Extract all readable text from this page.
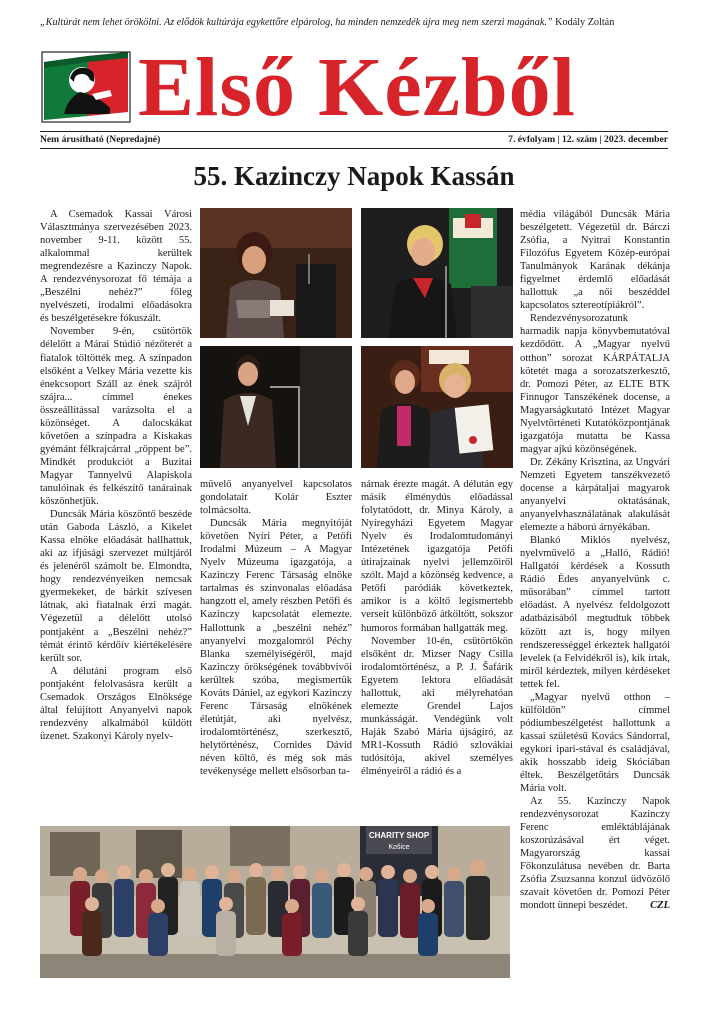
„Kultúrát nem lehet örökölni. Az elődök kultúrája egykettőre elpárolog, ha minden nemzedék újra meg nem szerzi magának.” Kodály Zoltán
Első Kézből
Nem árusítható (Nepredajné)	7. évfolyam | 12. szám | 2023. december
55. Kazinczy Napok Kassán

A Csemadok Kassai Városi Választmánya szervezésében 2023. november 9-11. között 55. alkalommal kerültek megrendezésre a Kazinczy Napok. A rendezvénysorozat fő témája a „Beszélni nehéz?” főleg nyelvészeti, irodalmi előadásokra és beszélgetésekre fókuszált.

November 9-én, csütörtök délelőtt a Márai Stúdió nézőterét a fiatalok töltötték meg. A színpadon elsőként a Velkey Mária vezette kis énekcsoport Száll az ének szájról szájra... címmel énekes összeállítással varázsolta el a közönséget. A dalocskákat követően a színpadra a Kiskakas gyémánt félkrajcárral „röppent be”. Mindkét produkciót a Buzitai Magyar Tannyelvű Alapiskola tanulóinak és felkészítő tanárainak köszönhetjük.

Duncsák Mária köszöntő beszéde után Gaboda László, a Kikelet Kassa elnöke előadását hallhattuk, aki az ifjúsági szervezet múltjáról és jelenéről számolt be. Elmondta, hogy rendezvényeiken nemcsak gyermekeket, de bárkit szívesen látnak, aki fiatalnak érzi magát. Végezetül a délelőtt utolsó pontjaként a „Beszélni nehéz?” témát érintő kérdőív kiértékelésére került sor.

A délutáni program első pontjaként felolvasásra került a Csemadok Országos Elnöksége által felújított Anyanyelvi napok rendezvény alkalmából küldött üzenet. Szakonyi Károly nyelv-

művelő anyanyelvel kapcsolatos gondolatait Kolár Eszter tolmácsolta.

Duncsák Mária megnyitóját követően Nyíri Péter, a Petőfi Irodalmi Múzeum – A Magyar Nyelv Múzeuma igazgatója, a Kazinczy Ferenc Társaság elnöke tartalmas és színvonalas előadása hangzott el, amely részben Petőfi és Kazinczy kapcsolatát elemezte. Hallottunk a „beszélni nehéz” anyanyelvi mozgalomról Péchy Blanka személyiségéről, majd Kazinczy örökségének továbbvivői kerültek szóba, megismertük Kováts Dániel, az egykori Kazinczy Ferenc Társaság elnökének életútját, aki nyelvész, irodalomtörténész, szerkesztő, helytörténész, Cornides Dávid néven költő, és még sok más tevékenysége mellett elsősorban ta-

nárnak érezte magát. A délután egy másik élménydús előadással folytatódott, dr. Minya Károly, a Nyíregyházi Egyetem Magyar Nyelv és Irodalomtudományi Intézetének igazgatója Petőfi útirajzainak nyelvi jellemzőiről szólt. Majd a közönség kedvence, a Petőfi paródiák következtek, amikor is a költő legismertebb verseit különböző átköltött, sokszor humoros formában hallgatták meg.

November 10-én, csütörtökön elsőként dr. Mizser Nagy Csilla irodalomtörténész, a P. J. Šafárik Egyetem lektora előadását hallottuk, aki mélyrehatóan elemezte Grendel Lajos munkásságát. Vendégünk volt Haják Szabó Mária újságíró, az MR1-Kossuth Rádió szlovákiai tudósítója, akivel személyes élményeiről a rádió és a

média világából Duncsák Mária beszélgetett. Végezetül dr. Bárczi Zsófia, a Nyitrai Konstantin Filozófus Egyetem Közép-európai Tanulmányok Karának dékánja figyelmet érdemlő előadását hallottuk „a női beszéddel kapcsolatos sztereotípiákról”.

Rendezvénysorozatunk harmadik napja könyvbemutatóval kezdődött. A „Magyar nyelvű otthon” sorozat KÁRPÁTALJA kötetét maga a sorozatszerkesztő, dr. Pomozi Péter, az ELTE BTK Finnugor Tanszékének docense, a Magyarságkutató Intézet Magyar Nyelvtörténeti Kutatóközpontjának igazgatója mutatta be Kassa magyar ajkú közönségének.

Dr. Zékány Krisztina, az Ungvári Nemzeti Egyetem tanszékvezető docense a kárpátaljai magyarok anyanyelvi oktatásának, anyanyelvhasználatának alakulását elemezte a háború árnyékában.

Blankó Miklós nyelvész, nyelvművelő a „Halló, Rádió! Hallgatói kérdések a Kossuth Rádió Édes anyanyelvünk c. műsorában” címmel tartott előadást. A nyelvész feldolgozott adatbázisából megtudtuk többek között azt is, hogy milyen rendszerességgel érkeztek hallgatói levelek (a Felvidékről is), kik írtak, miről kérdeztek, milyen kérdéseket tettek fel.

„Magyar nyelvű otthon – külföldön” címmel pódiumbeszélgetést hallottunk a kassai születésű Kovács Sándorral, egykori ipari-stával és családjával, akik hosszabb ideig Skóciában éltek. Beszélgetőtárs Duncsák Mária volt.

Az 55. Kazinczy Napok rendezvénysorozat Kazinczy Ferenc emléktáblájának koszorúzásával ért véget. Magyarország kassai Főkonzulátusa nevében dr. Barta Zsófia Zsuzsanna konzul üdvözölő szavait követően dr. Pomozi Péter mondott ünnepi beszédet. CZL

CHARITY SHOP
Košice
